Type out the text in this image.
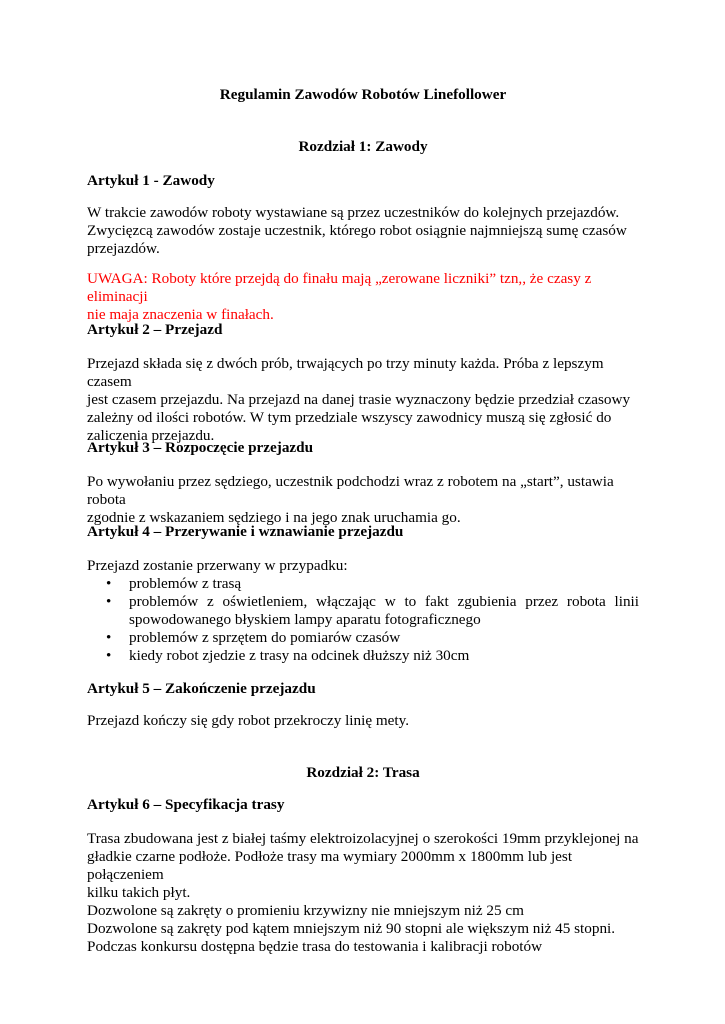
Regulamin Zawodów Robotów Linefollower
Rozdział 1: Zawody
Artykuł 1 - Zawody
W trakcie zawodów roboty wystawiane są przez uczestników do kolejnych przejazdów.
Zwycięzcą zawodów zostaje uczestnik, którego robot osiągnie najmniejszą sumę czasów
przejazdów.
UWAGA: Roboty które przejdą do finału mają „zerowane liczniki” tzn,, że czasy z eliminacji
nie maja znaczenia w finałach.
Artykuł 2 – Przejazd
Przejazd składa się z dwóch prób, trwających po trzy minuty każda. Próba z lepszym czasem
jest czasem przejazdu. Na przejazd na danej trasie wyznaczony będzie przedział czasowy
zależny od ilości robotów. W tym przedziale wszyscy zawodnicy muszą się zgłosić do
zaliczenia przejazdu.
Artykuł 3 – Rozpoczęcie przejazdu
Po wywołaniu przez sędziego, uczestnik podchodzi wraz z robotem na „start”, ustawia robota
zgodnie z wskazaniem sędziego i na jego znak uruchamia go.
Artykuł 4 – Przerywanie i wznawianie przejazdu
Przejazd zostanie przerwany w przypadku:
• problemów z trasą
• problemów z oświetleniem, włączając w to fakt zgubienia przez robota linii
spowodowanego błyskiem lampy aparatu fotograficznego
• problemów z sprzętem do pomiarów czasów
• kiedy robot zjedzie z trasy na odcinek dłuższy niż 30cm
Artykuł 5 – Zakończenie przejazdu
Przejazd kończy się gdy robot przekroczy linię mety.
Rozdział 2: Trasa
Artykuł 6 – Specyfikacja trasy
Trasa zbudowana jest z białej taśmy elektroizolacyjnej o szerokości 19mm przyklejonej na
gładkie czarne podłoże. Podłoże trasy ma wymiary 2000mm x 1800mm lub jest połączeniem
kilku takich płyt.
Dozwolone są zakręty o promieniu krzywizny nie mniejszym niż 25 cm
Dozwolone są zakręty pod kątem mniejszym niż 90 stopni ale większym niż 45 stopni.
Podczas konkursu dostępna będzie trasa do testowania i kalibracji robotów
